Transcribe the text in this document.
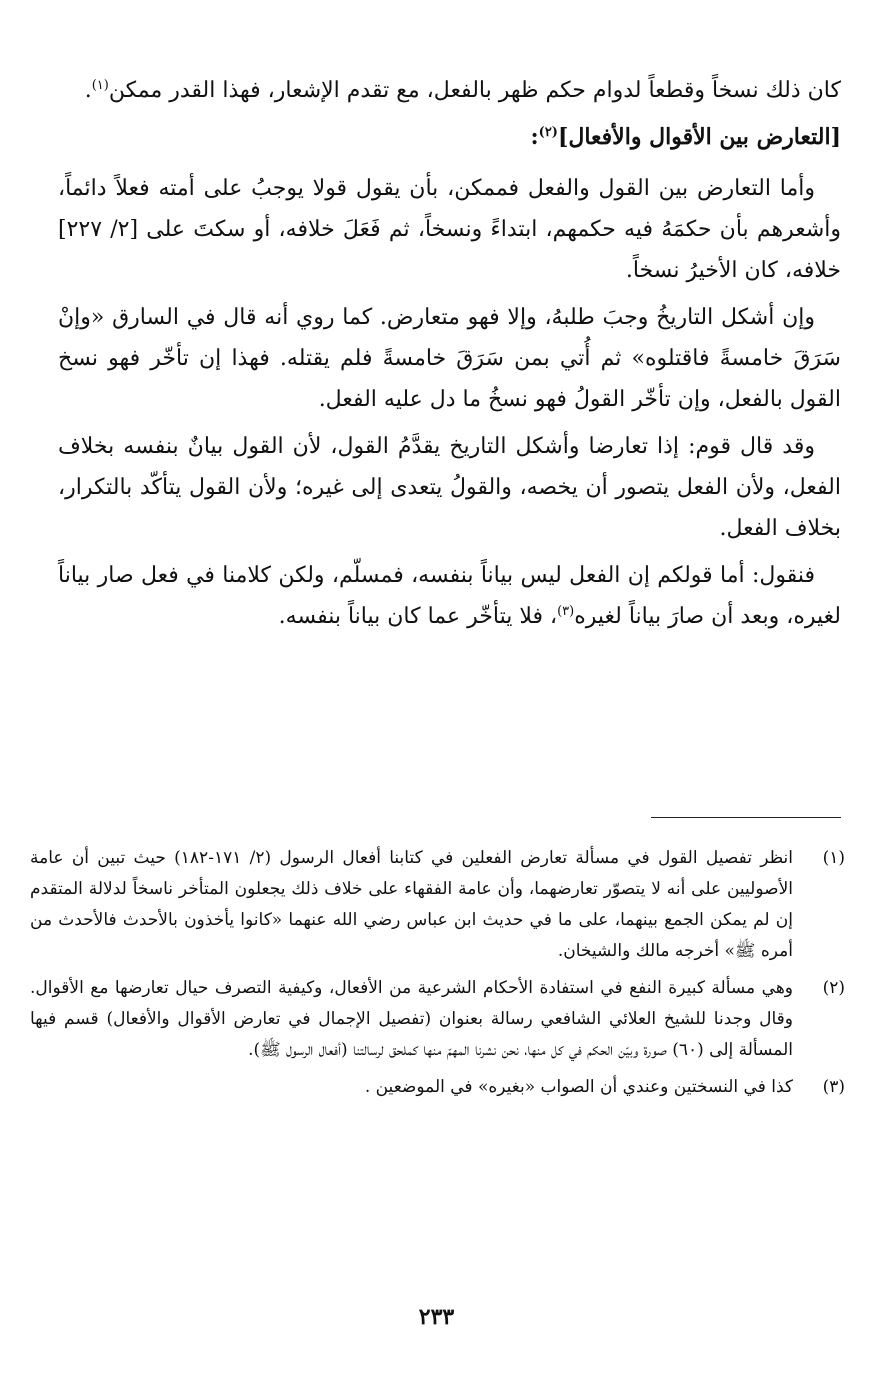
كان ذلك نسخاً وقطعاً لدوام حكم ظهر بالفعل، مع تقدم الإشعار، فهذا القدر ممكن$^{(١)}$.

[التعارض بين الأقوال والأفعال]$^{(٢)}$:

وأما التعارض بين القول والفعل فممكن، بأن يقول قولا يوجبُ على أمته فعلاً دائماً، وأشعرهم بأن حكمَهُ فيه حكمهم، ابتداءً ونسخاً، ثم فَعَلَ خلافه، أو سكتَ على [٢/ ٢٢٧] خلافه، كان الأخيرُ نسخاً.

وإن أشكل التاريخُ وجبَ طلبهُ، وإلا فهو متعارض. كما روي أنه قال في السارق «وإنْ سَرَقَ خامسةً فاقتلوه» ثم أُتي بمن سَرَقَ خامسةً فلم يقتله. فهذا إن تأخّر فهو نسخ القول بالفعل، وإن تأخّر القولُ فهو نسخُ ما دل عليه الفعل.

وقد قال قوم: إذا تعارضا وأشكل التاريخ يقدَّمُ القول، لأن القول بيانٌ بنفسه بخلاف الفعل، ولأن الفعل يتصور أن يخصه، والقولُ يتعدى إلى غيره؛ ولأن القول يتأكّد بالتكرار، بخلاف الفعل.

فنقول: أما قولكم إن الفعل ليس بياناً بنفسه، فمسلّم، ولكن كلامنا في فعل صار بياناً لغيره، وبعد أن صارَ بياناً لغيره$^{(٣)}$، فلا يتأخّر عما كان بياناً بنفسه.

(١)
انظر تفصيل القول في مسألة تعارض الفعلين في كتابنا أفعال الرسول (٢/ ١٧١-١٨٢) حيث تبين أن عامة الأصوليين على أنه لا يتصوّر تعارضهما، وأن عامة الفقهاء على خلاف ذلك يجعلون المتأخر ناسخاً لدلالة المتقدم إن لم يمكن الجمع بينهما، على ما في حديث ابن عباس رضي الله عنهما «كانوا يأخذون بالأحدث فالأحدث من أمره ﷺ» أخرجه مالك والشيخان.
(٢)
وهي مسألة كبيرة النفع في استفادة الأحكام الشرعية من الأفعال، وكيفية التصرف حيال تعارضها مع الأقوال. وقال وجدنا للشيخ العلائي الشافعي رسالة بعنوان (تفصيل الإجمال في تعارض الأقوال والأفعال) قسم فيها المسألة إلى (٦٠) صورة وبيّن الحكم في كل منها، نحن نشرنا المهمّ منها كملحق لرسالتنا (أفعال الرسول ﷺ).
(٣)
كذا في النسختين وعندي أن الصواب «بغيره» في الموضعين .
٢٣٣
